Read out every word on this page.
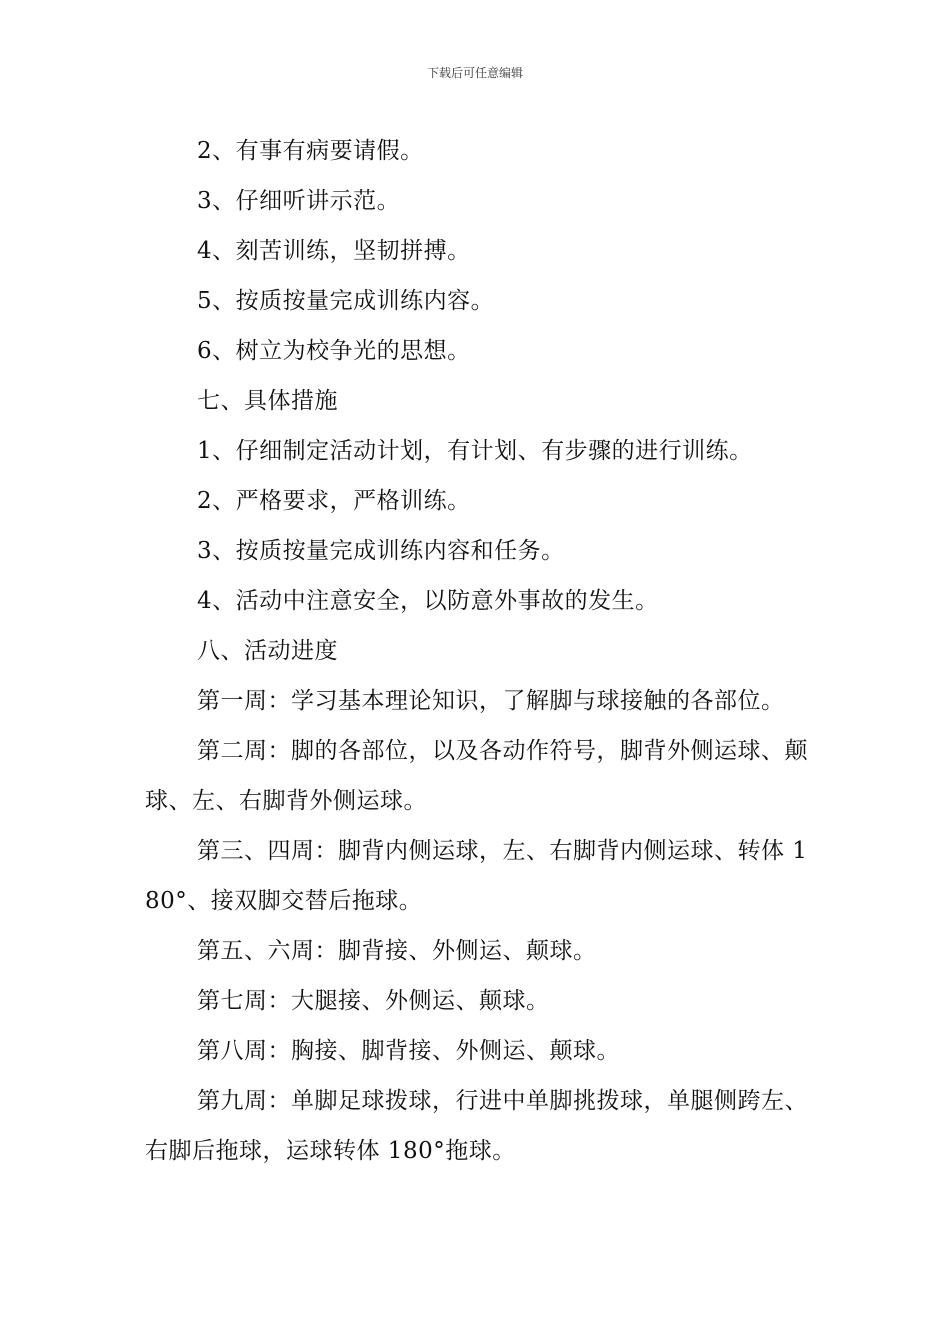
下载后可任意编辑

2、有事有病要请假。

3、仔细听讲示范。

4、刻苦训练，坚韧拼搏。

5、按质按量完成训练内容。

6、树立为校争光的思想。

七、具体措施

1、仔细制定活动计划，有计划、有步骤的进行训练。

2、严格要求，严格训练。

3、按质按量完成训练内容和任务。

4、活动中注意安全，以防意外事故的发生。

八、活动进度

第一周：学习基本理论知识，了解脚与球接触的各部位。

第二周：脚的各部位，以及各动作符号，脚背外侧运球、颠球、左、右脚背外侧运球。

第三、四周：脚背内侧运球，左、右脚背内侧运球、转体 180°、接双脚交替后拖球。

第五、六周：脚背接、外侧运、颠球。

第七周：大腿接、外侧运、颠球。

第八周：胸接、脚背接、外侧运、颠球。

第九周：单脚足球拨球，行进中单脚挑拨球，单腿侧跨左、右脚后拖球，运球转体 180°拖球。
